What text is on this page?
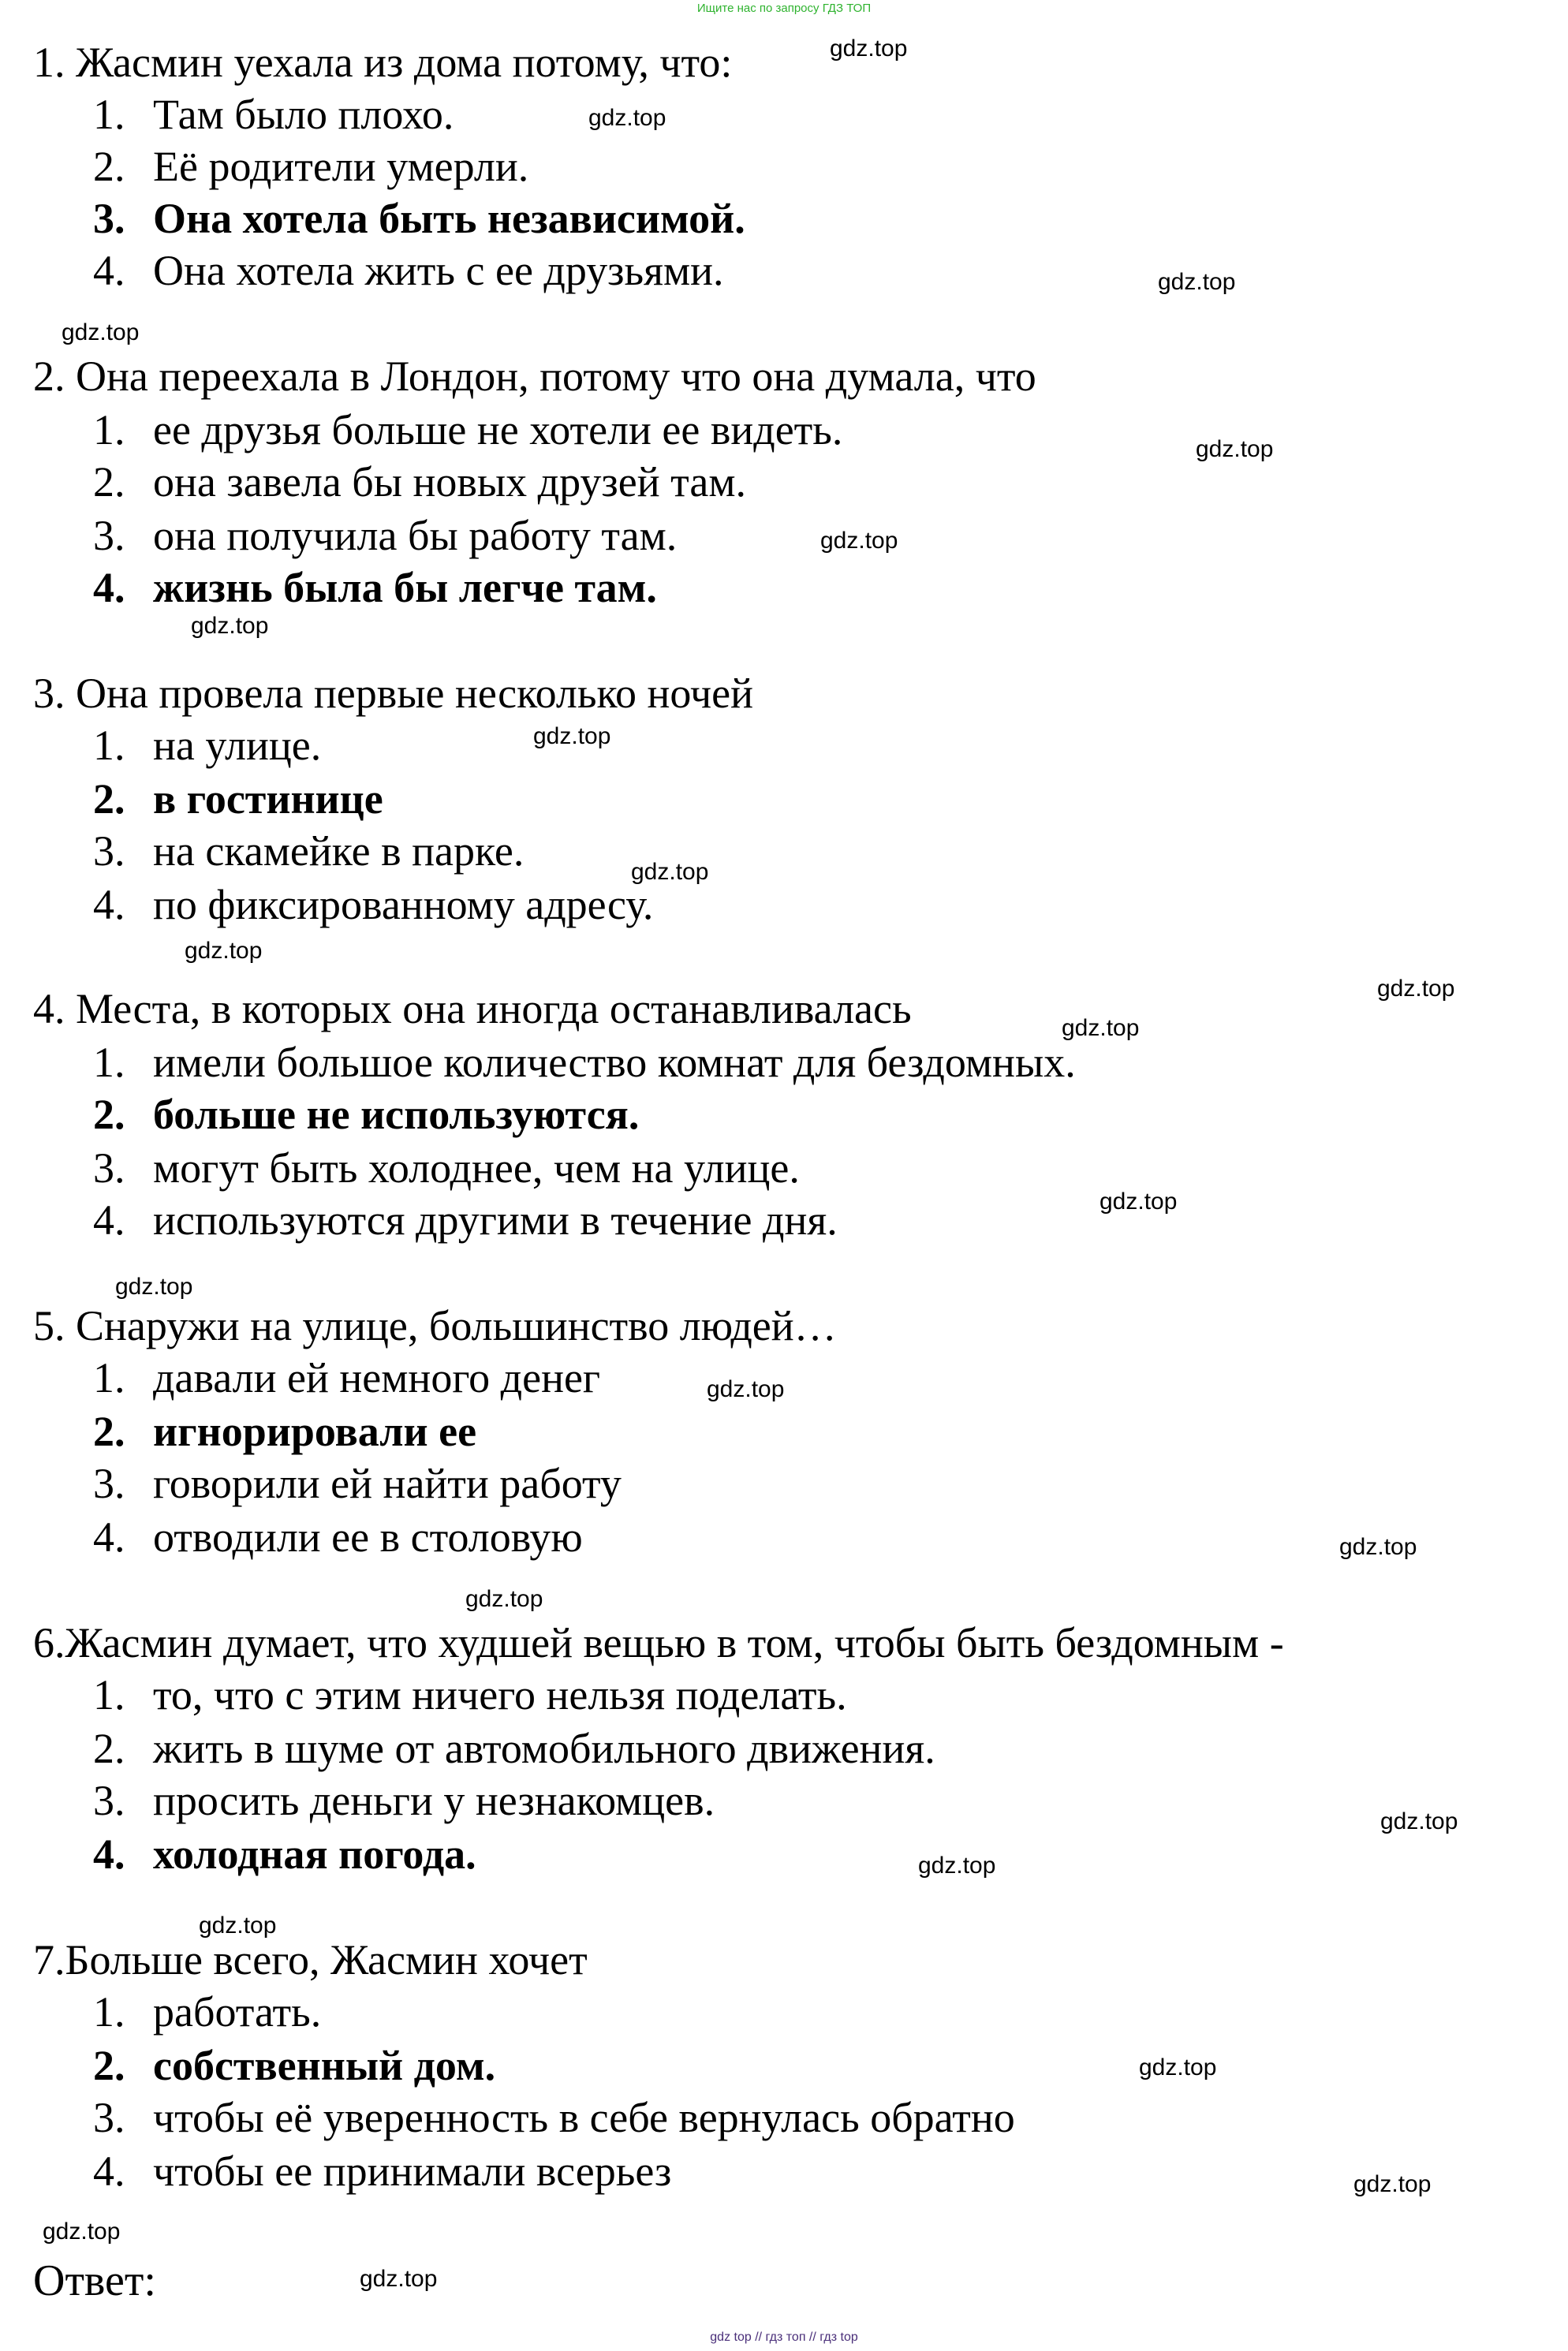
Ищите нас по запросу ГДЗ ТОП
1. Жасмин уехала из дома потому, что:
1. Там было плохо.
2. Её родители умерли.
3. Она хотела быть независимой.
4. Она хотела жить с ее друзьями.
2. Она переехала в Лондон, потому что она думала, что
1. ее друзья больше не хотели ее видеть.
2. она завела бы новых друзей там.
3. она получила бы работу там.
4. жизнь была бы легче там.
3. Она провела первые несколько ночей
1. на улице.
2. в гостинице
3. на скамейке в парке.
4. по фиксированному адресу.
4. Места, в которых она иногда останавливалась
1. имели большое количество комнат для бездомных.
2. больше не используются.
3. могут быть холоднее, чем на улице.
4. используются другими в течение дня.
5. Снаружи на улице, большинство людей…
1. давали ей немного денег
2. игнорировали ее
3. говорили ей найти работу
4. отводили ее в столовую
6.Жасмин думает, что худшей вещью в том, чтобы быть бездомным -
1. то, что с этим ничего нельзя поделать.
2. жить в шуме от автомобильного движения.
3. просить деньги у незнакомцев.
4. холодная погода.
7.Больше всего, Жасмин хочет
1. работать.
2. собственный дом.
3. чтобы её уверенность в себе вернулась обратно
4. чтобы ее принимали всерьез
Ответ:
gdz.top
gdz.top
gdz.top
gdz.top
gdz.top
gdz.top
gdz.top
gdz.top
gdz.top
gdz.top
gdz.top
gdz.top
gdz.top
gdz.top
gdz.top
gdz.top
gdz.top
gdz.top
gdz.top
gdz.top
gdz.top
gdz.top
gdz.top
gdz.top
gdz top // гдз топ // гдз top
